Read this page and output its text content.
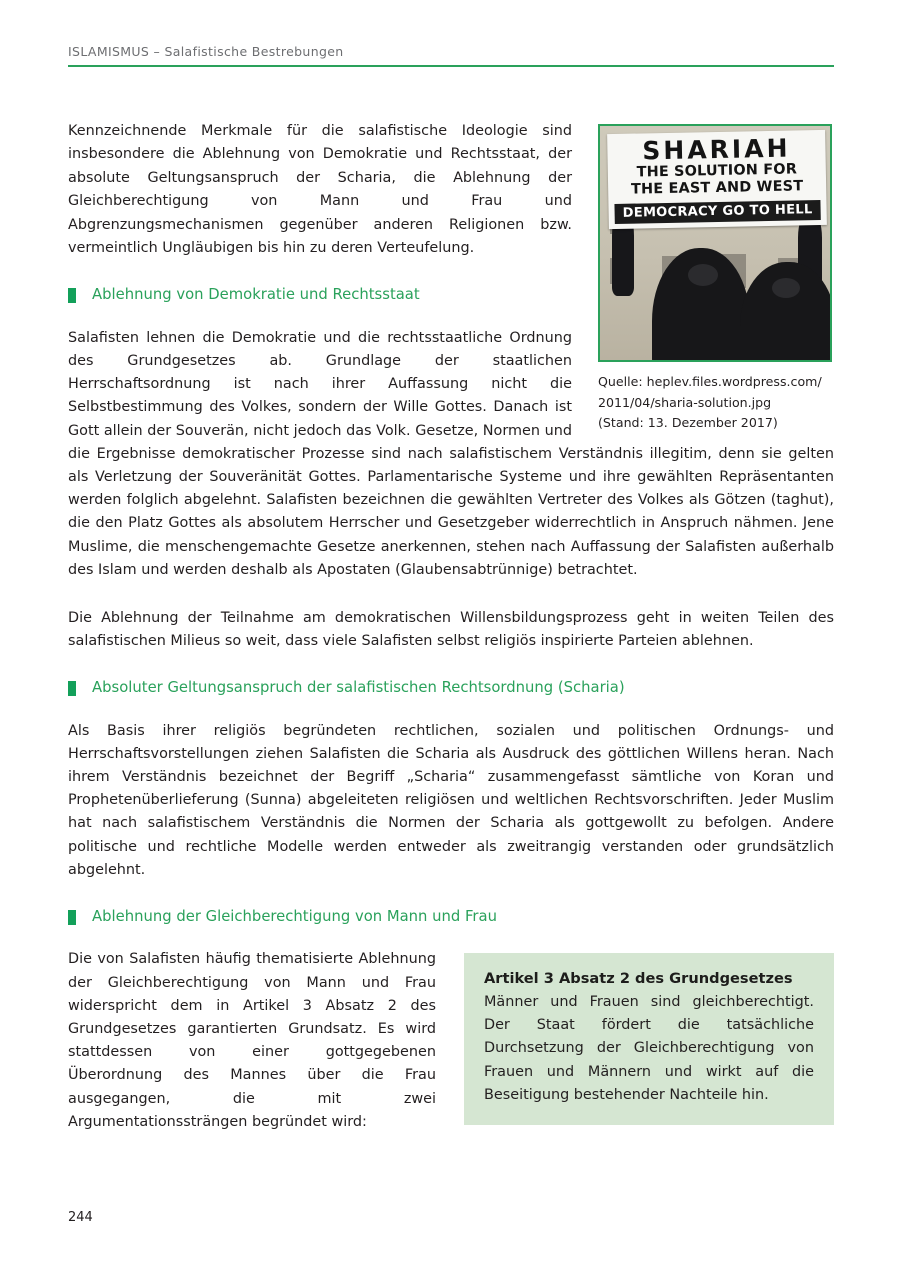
ISLAMISMUS – Salafistische Bestrebungen
SHARIAH
THE SOLUTION FOR
THE EAST AND WEST
DEMOCRACY GO TO HELL
Quelle: heplev.files.wordpress.com/
2011/04/sharia-solution.jpg
(Stand: 13. Dezember 2017)

Kennzeichnende Merkmale für die salafistische Ideologie sind insbesondere die Ablehnung von Demokratie und Rechtsstaat, der absolute Geltungsanspruch der Scharia, die Ablehnung der Gleichberechtigung von Mann und Frau und Abgrenzungsmechanismen gegenüber anderen Religionen bzw. vermeintlich Ungläubigen bis hin zu deren Verteufelung.

Ablehnung von Demokratie und Rechtsstaat

Salafisten lehnen die Demokratie und die rechtsstaatliche Ordnung des Grundgesetzes ab. Grundlage der staatlichen Herrschaftsordnung ist nach ihrer Auffassung nicht die Selbstbestimmung des Volkes, sondern der Wille Gottes. Danach ist Gott allein der Souverän, nicht jedoch das Volk. Gesetze, Normen und die Ergebnisse demokratischer Prozesse sind nach salafistischem Verständnis illegitim, denn sie gelten als Verletzung der Souveränität Gottes. Parlamentarische Systeme und ihre gewählten Repräsentanten werden folglich abgelehnt. Salafisten bezeichnen die gewählten Vertreter des Volkes als Götzen (taghut), die den Platz Gottes als absolutem Herrscher und Gesetzgeber widerrechtlich in Anspruch nähmen. Jene Muslime, die menschengemachte Gesetze anerkennen, stehen nach Auffassung der Salafisten außerhalb des Islam und werden deshalb als Apostaten (Glaubensabtrünnige) betrachtet.

Die Ablehnung der Teilnahme am demokratischen Willensbildungsprozess geht in weiten Teilen des salafistischen Milieus so weit, dass viele Salafisten selbst religiös inspirierte Parteien ablehnen.

Absoluter Geltungsanspruch der salafistischen Rechtsordnung (Scharia)

Als Basis ihrer religiös begründeten rechtlichen, sozialen und politischen Ordnungs- und Herrschaftsvorstellungen ziehen Salafisten die Scharia als Ausdruck des göttlichen Willens heran. Nach ihrem Verständnis bezeichnet der Begriff „Scharia“ zusammengefasst sämtliche von Koran und Prophetenüberlieferung (Sunna) abgeleiteten religiösen und weltlichen Rechtsvorschriften. Jeder Muslim hat nach salafistischem Verständnis die Normen der Scharia als gottgewollt zu befolgen. Andere politische und rechtliche Modelle werden entweder als zweitrangig verstanden oder grundsätzlich abgelehnt.

Ablehnung der Gleichberechtigung von Mann und Frau

Die von Salafisten häufig thematisierte Ablehnung der Gleichberechtigung von Mann und Frau widerspricht dem in Artikel 3 Absatz 2 des Grundgesetzes garantierten Grundsatz. Es wird stattdessen von einer gottgegebenen Überordnung des Mannes über die Frau ausgegangen, die mit zwei Argumentationssträngen begründet wird:

Artikel 3 Absatz 2 des Grundgesetzes

Männer und Frauen sind gleichberechtigt. Der Staat fördert die tatsächliche Durchsetzung der Gleichberechtigung von Frauen und Männern und wirkt auf die Beseitigung bestehender Nachteile hin.

244
